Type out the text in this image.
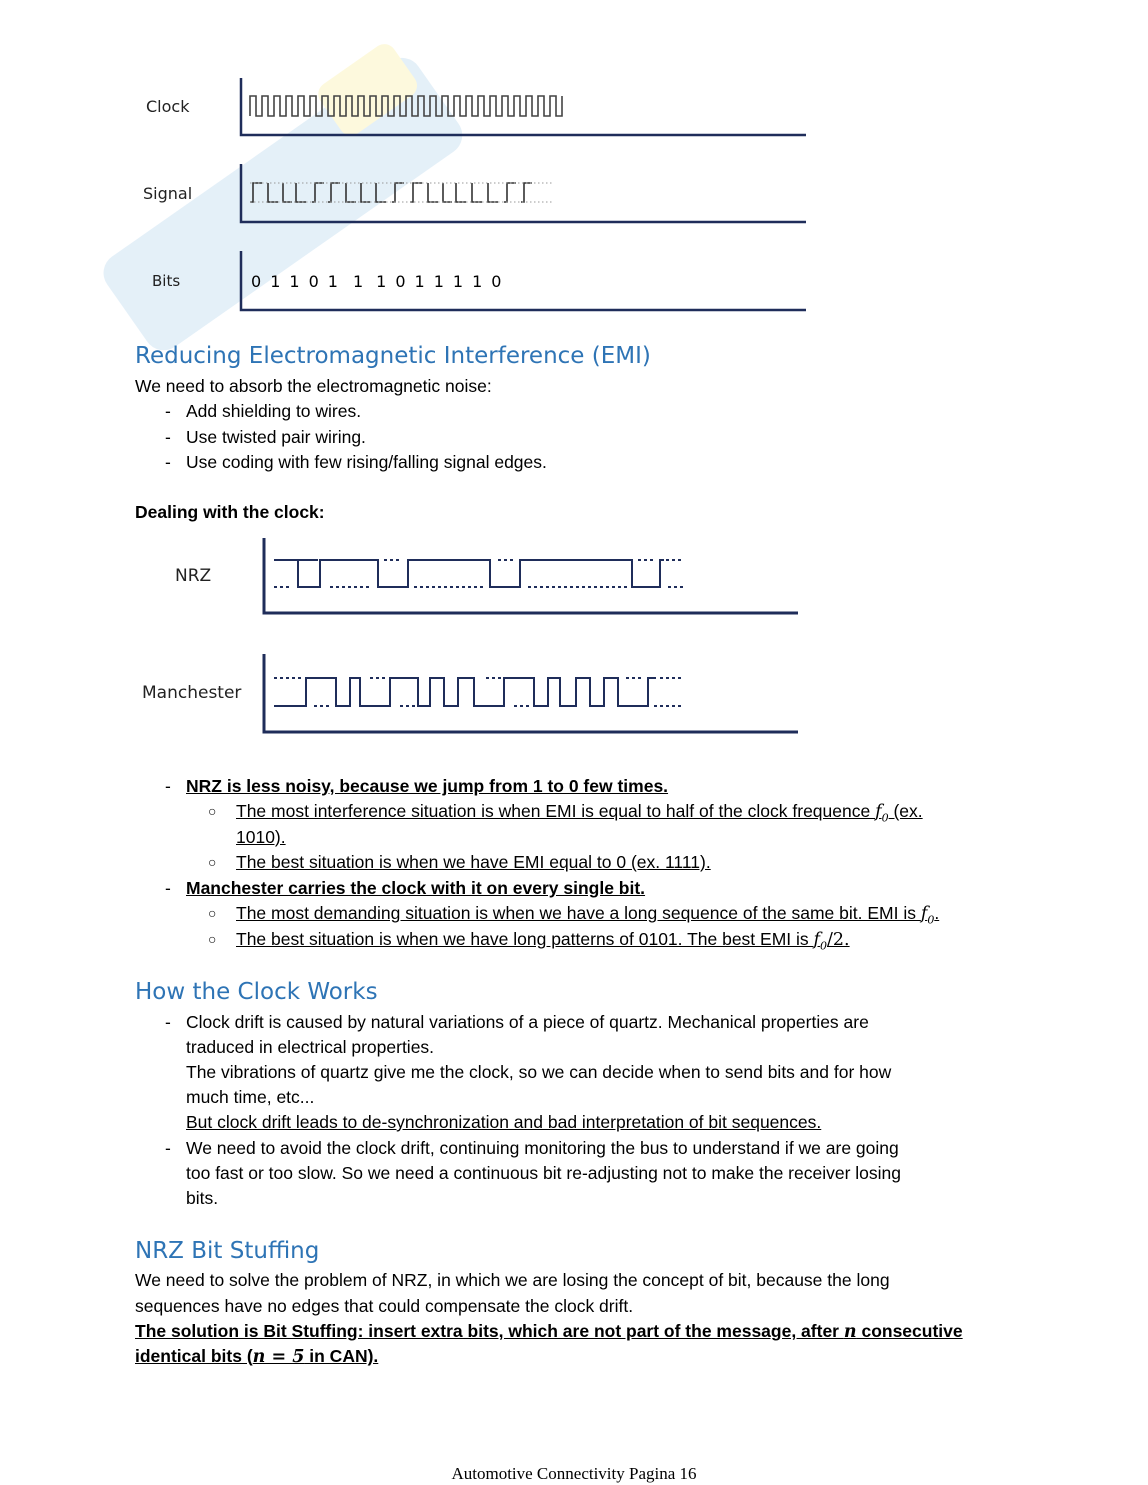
Clock
Signal
Bits	0 1 1 0 1 1 1 0 1 1 1 1 0
Reducing Electromagnetic Interference (EMI)
We need to absorb the electromagnetic noise:
- Add shielding to wires.
- Use twisted pair wiring.
- Use coding with few rising/falling signal edges.
Dealing with the clock:
NRZ
Manchester
- NRZ is less noisy, because we jump from 1 to 0 few times.
○ The most interference situation is when EMI is equal to half of the clock frequence $f_0$ (ex.
1010).
○ The best situation is when we have EMI equal to 0 (ex. 1111).
- Manchester carries the clock with it on every single bit.
○ The most demanding situation is when we have a long sequence of the same bit. EMI is $f_0$.
○ The best situation is when we have long patterns of 0101. The best EMI is $f_0/2$.
How the Clock Works
- Clock drift is caused by natural variations of a piece of quartz. Mechanical properties are
traduced in electrical properties.
The vibrations of quartz give me the clock, so we can decide when to send bits and for how
much time, etc...
But clock drift leads to de-synchronization and bad interpretation of bit sequences.
- We need to avoid the clock drift, continuing monitoring the bus to understand if we are going
too fast or too slow. So we need a continuous bit re-adjusting not to make the receiver losing
bits.
NRZ Bit Stuffing
We need to solve the problem of NRZ, in which we are losing the concept of bit, because the long
sequences have no edges that could compensate the clock drift.
The solution is Bit Stuffing: insert extra bits, which are not part of the message, after n consecutive
identical bits (n = 5 in CAN).
Automotive Connectivity Pagina 16
